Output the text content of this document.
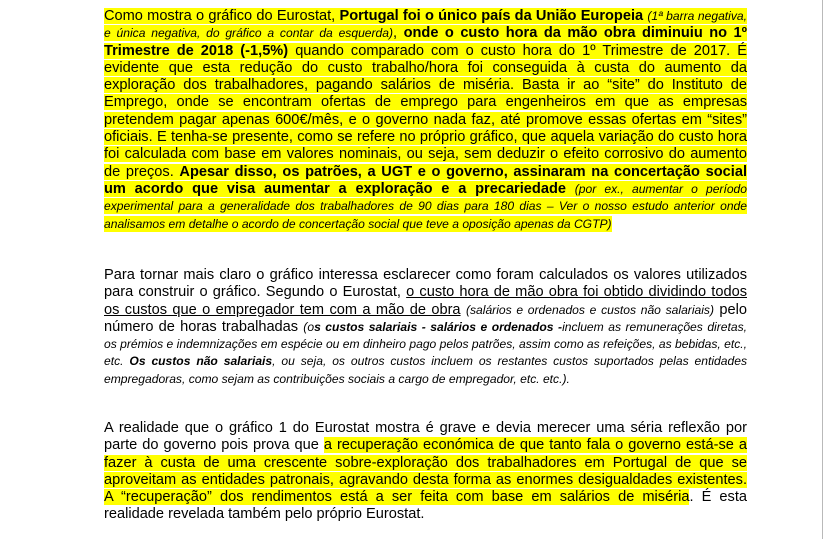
Como mostra o gráfico do Eurostat, Portugal foi o único país da União Europeia (1ª barra negativa, e única negativa, do gráfico a contar da esquerda), onde o custo hora da mão obra diminuiu no 1º Trimestre de 2018 (-1,5%) quando comparado com o custo hora do 1º Trimestre de 2017. É evidente que esta redução do custo trabalho/hora foi conseguida à custa do aumento da exploração dos trabalhadores, pagando salários de miséria. Basta ir ao “site” do Instituto de Emprego, onde se encontram ofertas de emprego para engenheiros em que as empresas pretendem pagar apenas 600€/mês, e o governo nada faz, até promove essas ofertas em “sites” oficiais. E tenha-se presente, como se refere no próprio gráfico, que aquela variação do custo hora foi calculada com base em valores nominais, ou seja, sem deduzir o efeito corrosivo do aumento de preços. Apesar disso, os patrões, a UGT e o governo, assinaram na concertação social um acordo que visa aumentar a exploração e a precariedade (por ex., aumentar o período experimental para a generalidade dos trabalhadores de 90 dias para 180 dias – Ver o nosso estudo anterior onde analisamos em detalhe o acordo de concertação social que teve a oposição apenas da CGTP)
Para tornar mais claro o gráfico interessa esclarecer como foram calculados os valores utilizados para construir o gráfico. Segundo o Eurostat, o custo hora de mão obra foi obtido dividindo todos os custos que o empregador tem com a mão de obra (salários e ordenados e custos não salariais) pelo número de horas trabalhadas (os custos salariais - salários e ordenados -incluem as remunerações diretas, os prémios e indemnizações em espécie ou em dinheiro pago pelos patrões, assim como as refeições, as bebidas, etc., etc. Os custos não salariais, ou seja, os outros custos incluem os restantes custos suportados pelas entidades empregadoras, como sejam as contribuições sociais a cargo de empregador, etc. etc.).
A realidade que o gráfico 1 do Eurostat mostra é grave e devia merecer uma séria reflexão por parte do governo pois prova que a recuperação económica de que tanto fala o governo está-se a fazer à custa de uma crescente sobre-exploração dos trabalhadores em Portugal de que se aproveitam as entidades patronais, agravando desta forma as enormes desigualdades existentes. A “recuperação” dos rendimentos está a ser feita com base em salários de miséria. É esta realidade revelada também pelo próprio Eurostat.
